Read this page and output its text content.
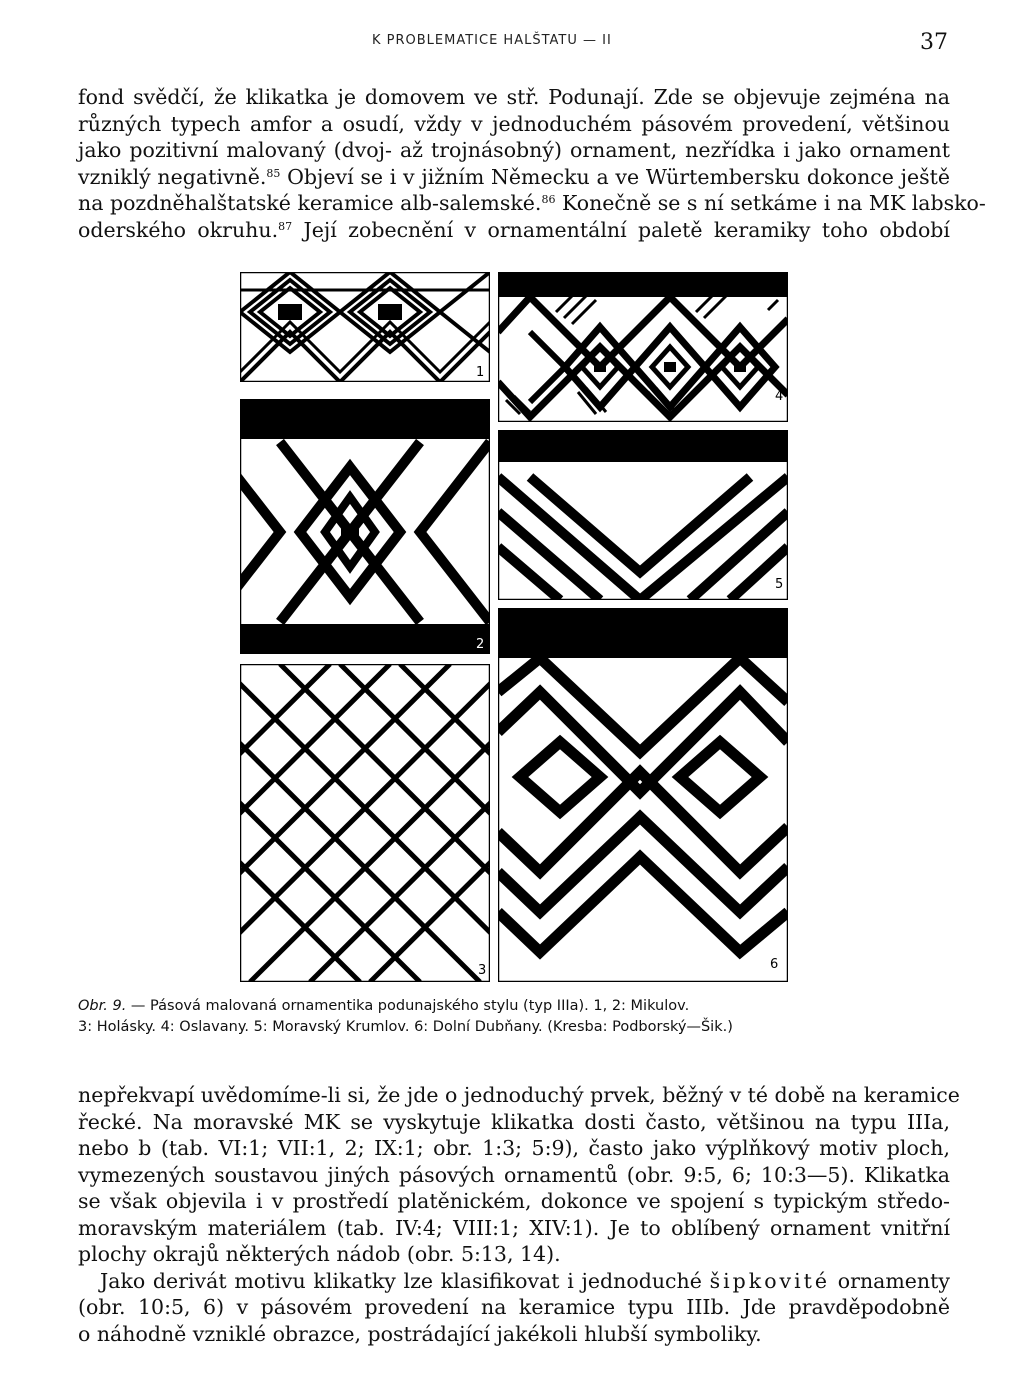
K PROBLEMATICE HALŠTATU — II	37
fond svědčí, že klikatka je domovem ve stř. Podunají. Zde se objevuje zejména na
různých typech amfor a osudí, vždy v jednoduchém pásovém provedení, většinou
jako pozitivní malovaný (dvoj- až trojnásobný) ornament, nezřídka i jako ornament
vzniklý negativně.$^{85}$ Objeví se i v jižním Německu a ve Würtembersku dokonce ještě
na pozdněhalštatské keramice alb-salemské.$^{86}$ Konečně se s ní setkáme i na MK labsko-
oderského okruhu.$^{87}$ Její zobecnění v ornamentální paletě keramiky toho období
1
2
3
4
5
6
Obr. 9. — Pásová malovaná ornamentika podunajského stylu (typ IIIa). 1, 2: Mikulov.
3: Holásky. 4: Oslavany. 5: Moravský Krumlov. 6: Dolní Dubňany. (Kresba: Podborský—Šik.)
nepřekvapí uvědomíme-li si, že jde o jednoduchý prvek, běžný v té době na keramice
řecké. Na moravské MK se vyskytuje klikatka dosti často, většinou na typu IIIa,
nebo b (tab. VI:1; VII:1, 2; IX:1; obr. 1:3; 5:9), často jako výplňkový motiv ploch,
vymezených soustavou jiných pásových ornamentů (obr. 9:5, 6; 10:3—5). Klikatka
se však objevila i v prostředí platěnickém, dokonce ve spojení s typickým středo-
moravským materiálem (tab. IV:4; VIII:1; XIV:1). Je to oblíbený ornament vnitřní
plochy okrajů některých nádob (obr. 5:13, 14).
Jako derivát motivu klikatky lze klasifikovat i jednoduché šipkovité ornamenty
(obr. 10:5, 6) v pásovém provedení na keramice typu IIIb. Jde pravděpodobně
o náhodně vzniklé obrazce, postrádající jakékoli hlubší symboliky.
